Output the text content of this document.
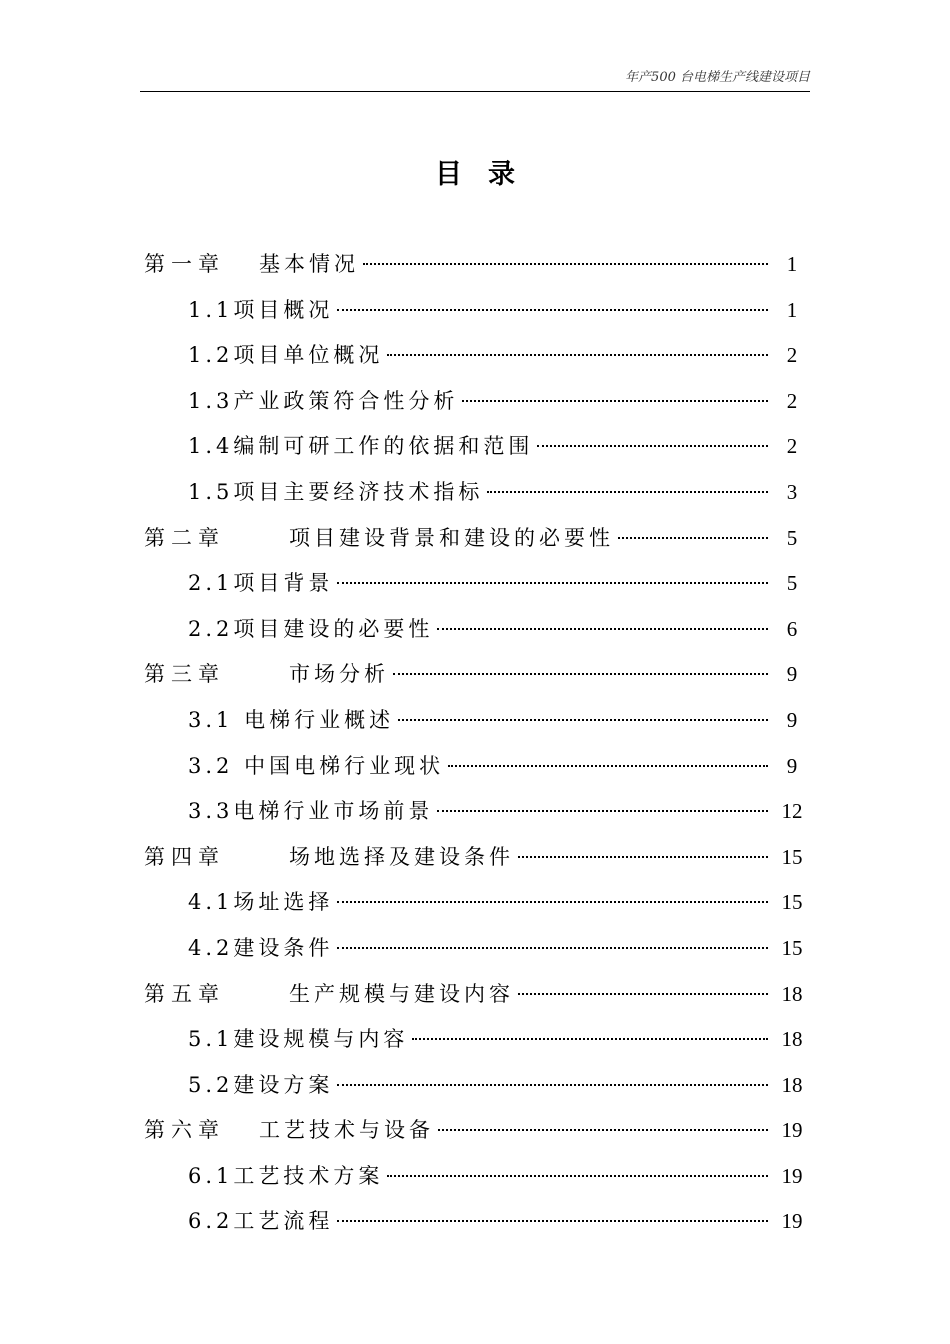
年产500 台电梯生产线建设项目
目录
第一章 基本情况	1
1.1项目概况	1
1.2项目单位概况	2
1.3产业政策符合性分析	2
1.4编制可研工作的依据和范围	2
1.5项目主要经济技术指标	3
第二章	项目建设背景和建设的必要性	5
2.1项目背景	5
2.2项目建设的必要性	6
第三章	市场分析	9
3.1 电梯行业概述	9
3.2 中国电梯行业现状	9
3.3电梯行业市场前景	12
第四章	场地选择及建设条件	15
4.1场址选择	15
4.2建设条件	15
第五章	生产规模与建设内容	18
5.1建设规模与内容	18
5.2建设方案	18
第六章 工艺技术与设备	19
6.1工艺技术方案	19
6.2工艺流程	19
